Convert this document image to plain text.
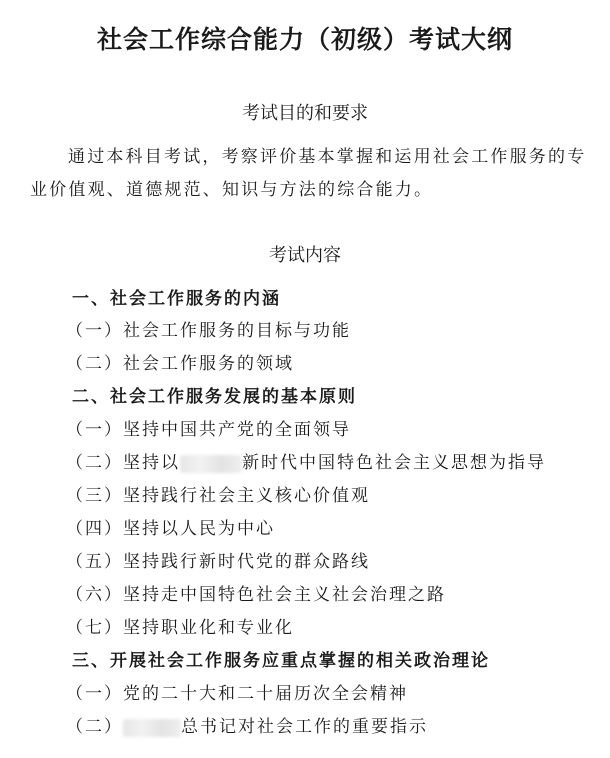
社会工作综合能力（初级）考试大纲
考试目的和要求
通过本科目考试，考察评价基本掌握和运用社会工作服务的专业价值观、道德规范、知识与方法的综合能力。
考试内容
一、社会工作服务的内涵
（一）社会工作服务的目标与功能
（二）社会工作服务的领域
二、社会工作服务发展的基本原则
（一）坚持中国共产党的全面领导
（二）坚持以	新时代中国特色社会主义思想为指导
（三）坚持践行社会主义核心价值观
（四）坚持以人民为中心
（五）坚持践行新时代党的群众路线
（六）坚持走中国特色社会主义社会治理之路
（七）坚持职业化和专业化
三、开展社会工作服务应重点掌握的相关政治理论
（一）党的二十大和二十届历次全会精神
（二）	总书记对社会工作的重要指示
